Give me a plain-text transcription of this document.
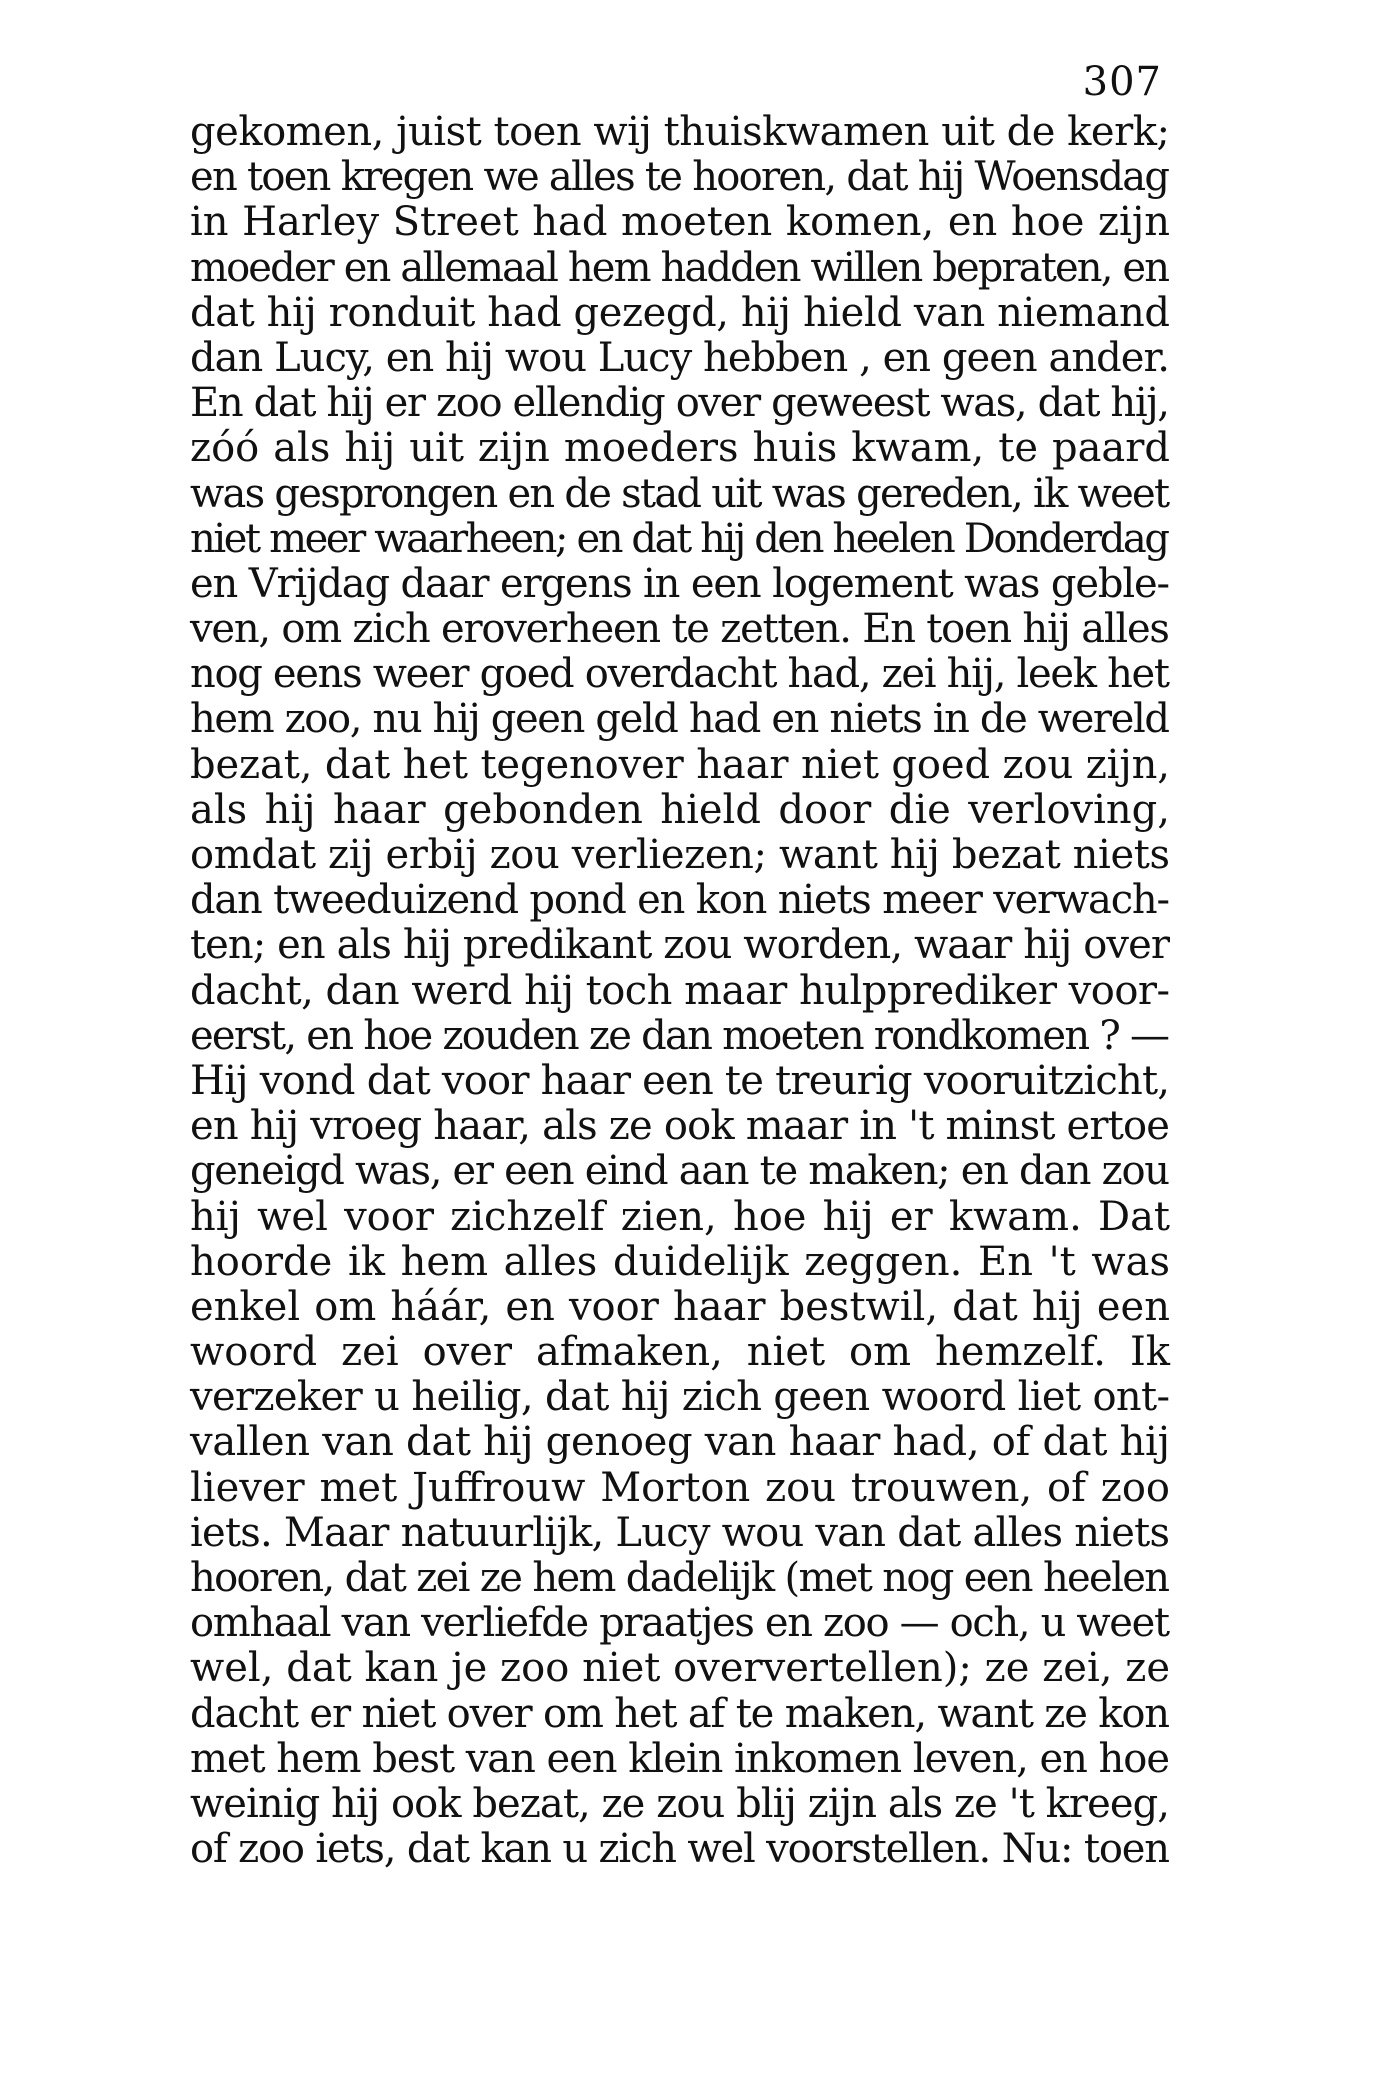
307
gekomen, juist toen wij thuiskwamen uit de kerk;
en toen kregen we alles te hooren, dat hij Woensdag
in Harley Street had moeten komen, en hoe zijn
moeder en allemaal hem hadden willen bepraten, en
dat hij ronduit had gezegd, hij hield van niemand
dan Lucy, en hij wou Lucy hebben , en geen ander.
En dat hij er zoo ellendig over geweest was, dat hij,
zóó als hij uit zijn moeders huis kwam, te paard
was gesprongen en de stad uit was gereden, ik weet
niet meer waarheen; en dat hij den heelen Donderdag
en Vrijdag daar ergens in een logement was geble-
ven, om zich eroverheen te zetten. En toen hij alles
nog eens weer goed overdacht had, zei hij, leek het
hem zoo, nu hij geen geld had en niets in de wereld
bezat, dat het tegenover haar niet goed zou zijn,
als hij haar gebonden hield door die verloving,
omdat zij erbij zou verliezen; want hij bezat niets
dan tweeduizend pond en kon niets meer verwach-
ten; en als hij predikant zou worden, waar hij over
dacht, dan werd hij toch maar hulpprediker voor-
eerst, en hoe zouden ze dan moeten rondkomen ? —
Hij vond dat voor haar een te treurig vooruitzicht,
en hij vroeg haar, als ze ook maar in 't minst ertoe
geneigd was, er een eind aan te maken; en dan zou
hij wel voor zichzelf zien, hoe hij er kwam. Dat
hoorde ik hem alles duidelijk zeggen. En 't was
enkel om háár, en voor haar bestwil, dat hij een
woord zei over afmaken, niet om hemzelf. Ik
verzeker u heilig, dat hij zich geen woord liet ont-
vallen van dat hij genoeg van haar had, of dat hij
liever met Juffrouw Morton zou trouwen, of zoo
iets. Maar natuurlijk, Lucy wou van dat alles niets
hooren, dat zei ze hem dadelijk (met nog een heelen
omhaal van verliefde praatjes en zoo — och, u weet
wel, dat kan je zoo niet oververtellen); ze zei, ze
dacht er niet over om het af te maken, want ze kon
met hem best van een klein inkomen leven, en hoe
weinig hij ook bezat, ze zou blij zijn als ze 't kreeg,
of zoo iets, dat kan u zich wel voorstellen. Nu: toen
